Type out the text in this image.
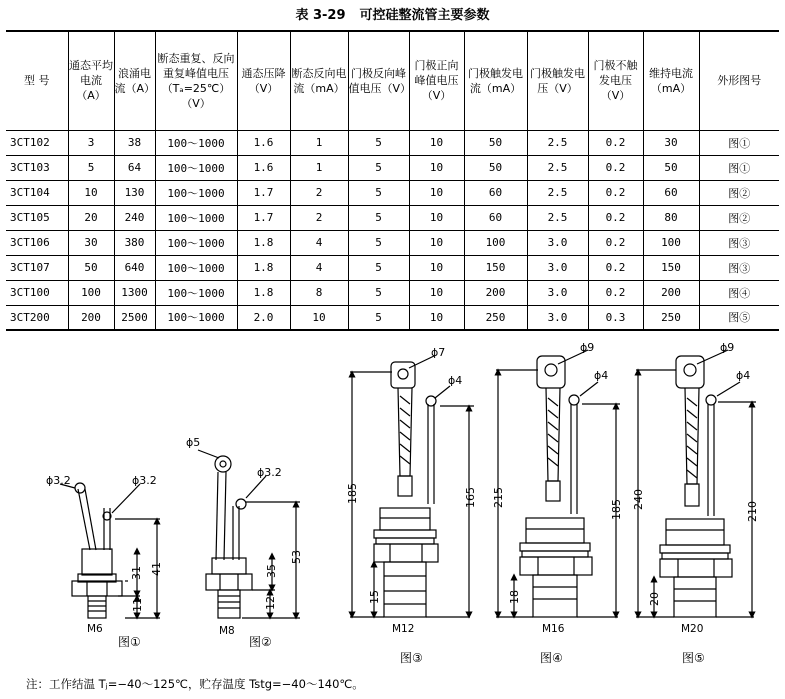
表 3-29 可控硅整流管主要参数
型 号	通态平均电流（A）	浪涌电流（A）	断态重复、反向重复峰值电压（Tₐ=25℃）（V）	通态压降（V）	断态反向电流（mA）	门极反向峰值电压（V）	门极正向峰值电压（V）	门极触发电流（mA）	门极触发电压（V）	门极不触发电压（V）	维持电流（mA）	外形图号
3CT102	3	38	100～1000	1.6	1	5	10	50	2.5	0.2	30	图①
3CT103	5	64	100～1000	1.6	1	5	10	50	2.5	0.2	50	图①
3CT104	10	130	100～1000	1.7	2	5	10	60	2.5	0.2	60	图②
3CT105	20	240	100～1000	1.7	2	5	10	60	2.5	0.2	80	图②
3CT106	30	380	100～1000	1.8	4	5	10	100	3.0	0.2	100	图③
3CT107	50	640	100～1000	1.8	4	5	10	150	3.0	0.2	150	图③
3CT100	100	1300	100～1000	1.8	8	5	10	200	3.0	0.2	200	图④
3CT200	200	2500	100～1000	2.0	10	5	10	250	3.0	0.3	250	图⑤
ϕ3.2	ϕ3.2
41
31
11
M6
图①
ϕ5
ϕ3.2
53
35
12
M8
图②
ϕ7
ϕ4
185	165
15
M12
图③
ϕ9
ϕ4
215
185
18
M16
图④
ϕ9
ϕ4
240
210
20
M20
图⑤
注：工作结温 Tⱼ=−40～125℃，贮存温度 Tstg=−40～140℃。
